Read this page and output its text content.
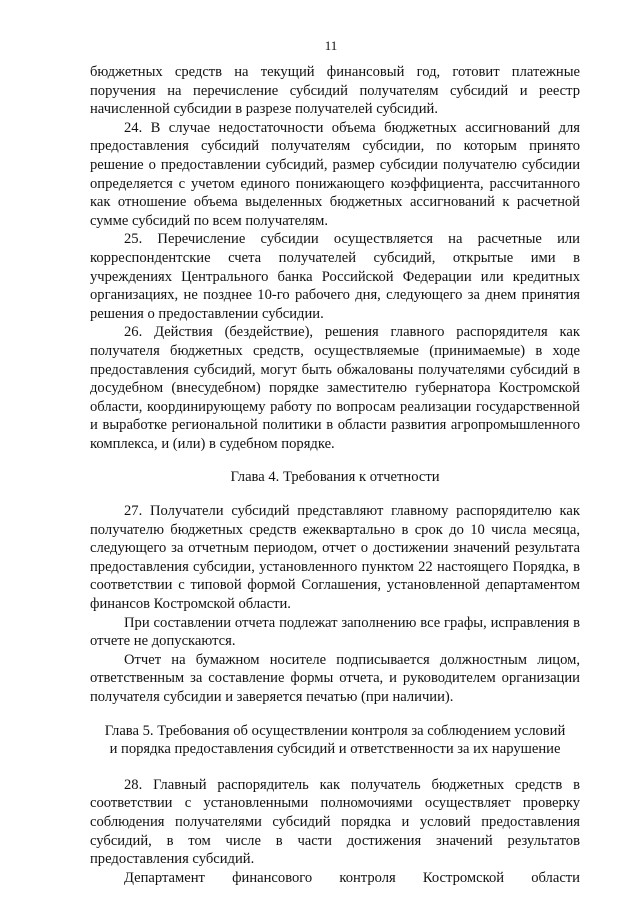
11

бюджетных средств на текущий финансовый год, готовит платежные поручения на перечисление субсидий получателям субсидий и реестр начисленной субсидии в разрезе получателей субсидий.

24. В случае недостаточности объема бюджетных ассигнований для предоставления субсидий получателям субсидии, по которым принято решение о предоставлении субсидий, размер субсидии получателю субсидии определяется с учетом единого понижающего коэффициента, рассчитанного как отношение объема выделенных бюджетных ассигнований к расчетной сумме субсидий по всем получателям.

25. Перечисление субсидии осуществляется на расчетные или корреспондентские счета получателей субсидий, открытые ими в учреждениях Центрального банка Российской Федерации или кредитных организациях, не позднее 10-го рабочего дня, следующего за днем принятия решения о предоставлении субсидии.

26. Действия (бездействие), решения главного распорядителя как получателя бюджетных средств, осуществляемые (принимаемые) в ходе предоставления субсидий, могут быть обжалованы получателями субсидий в досудебном (внесудебном) порядке заместителю губернатора Костромской области, координирующему работу по вопросам реализации государственной и выработке региональной политики в области развития агропромышленного комплекса, и (или) в судебном порядке.

Глава 4. Требования к отчетности

27. Получатели субсидий представляют главному распорядителю как получателю бюджетных средств ежеквартально в срок до 10 числа месяца, следующего за отчетным периодом, отчет о достижении значений результата предоставления субсидии, установленного пунктом 22 настоящего Порядка, в соответствии с типовой формой Соглашения, установленной департаментом финансов Костромской области.

При составлении отчета подлежат заполнению все графы, исправления в отчете не допускаются.

Отчет на бумажном носителе подписывается должностным лицом, ответственным за составление формы отчета, и руководителем организации получателя субсидии и заверяется печатью (при наличии).

Глава 5. Требования об осуществлении контроля за соблюдением условий
и порядка предоставления субсидий и ответственности за их нарушение

28. Главный распорядитель как получатель бюджетных средств в соответствии с установленными полномочиями осуществляет проверку соблюдения получателями субсидий порядка и условий предоставления субсидий, в том числе в части достижения значений результатов предоставления субсидий.

Департамент финансового контроля Костромской области
